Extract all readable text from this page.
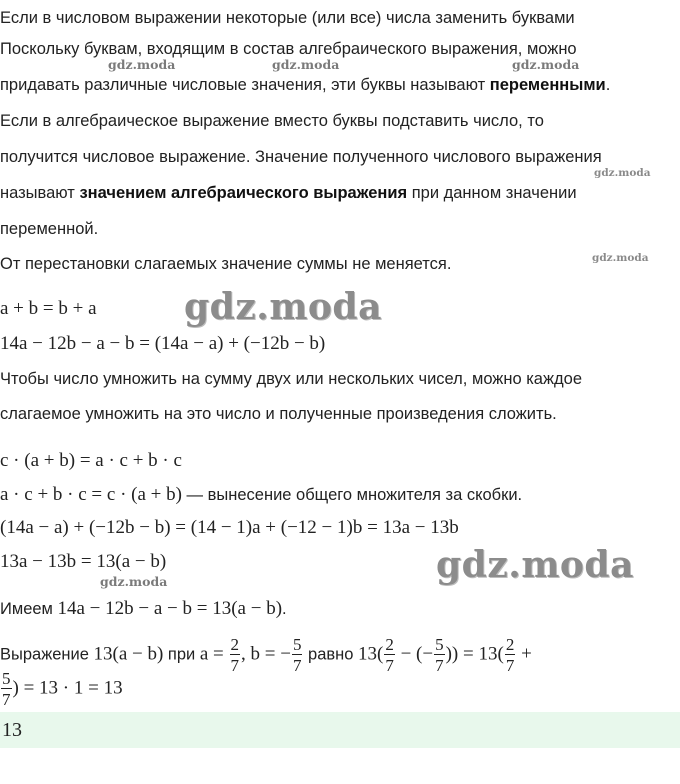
gdz.moda	gdz.moda	gdz.moda
gdz.moda
gdz.moda
gdz.moda
gdz.moda
gdz.moda
Если в числовом выражении некоторые (или все) числа заменить буквами
Поскольку буквам, входящим в состав алгебраического выражения, можно
придавать различные числовые значения, эти буквы называют переменными.
Если в алгебраическое выражение вместо буквы подставить число, то
получится числовое выражение. Значение полученного числового выражения
называют значением алгебраического выражения при данном значении
переменной.
От перестановки слагаемых значение суммы не меняется.
a + b = b + a
14a − 12b − a − b = (14a − a) + (−12b − b)
Чтобы число умножить на сумму двух или нескольких чисел, можно каждое
слагаемое умножить на это число и полученные произведения сложить.
c · (a + b) = a · c + b · c
a · c + b · c = c · (a + b) — вынесение общего множителя за скобки.
(14a − a) + (−12b − b) = (14 − 1)a + (−12 − 1)b = 13a − 13b
13a − 13b = 13(a − b)
Имеем 14a − 12b − a − b = 13(a − b).
Выражение 13(a − b) при $a = \frac{2}{7}$ , b = − $\frac{5}{7}$ равно $13( \frac{2}{7}$ − (− $\frac{5}{7}$ )) = $13( \frac{2}{7}$ +
$\frac{5}{7}$ ) = 13 · 1 = 13
13
